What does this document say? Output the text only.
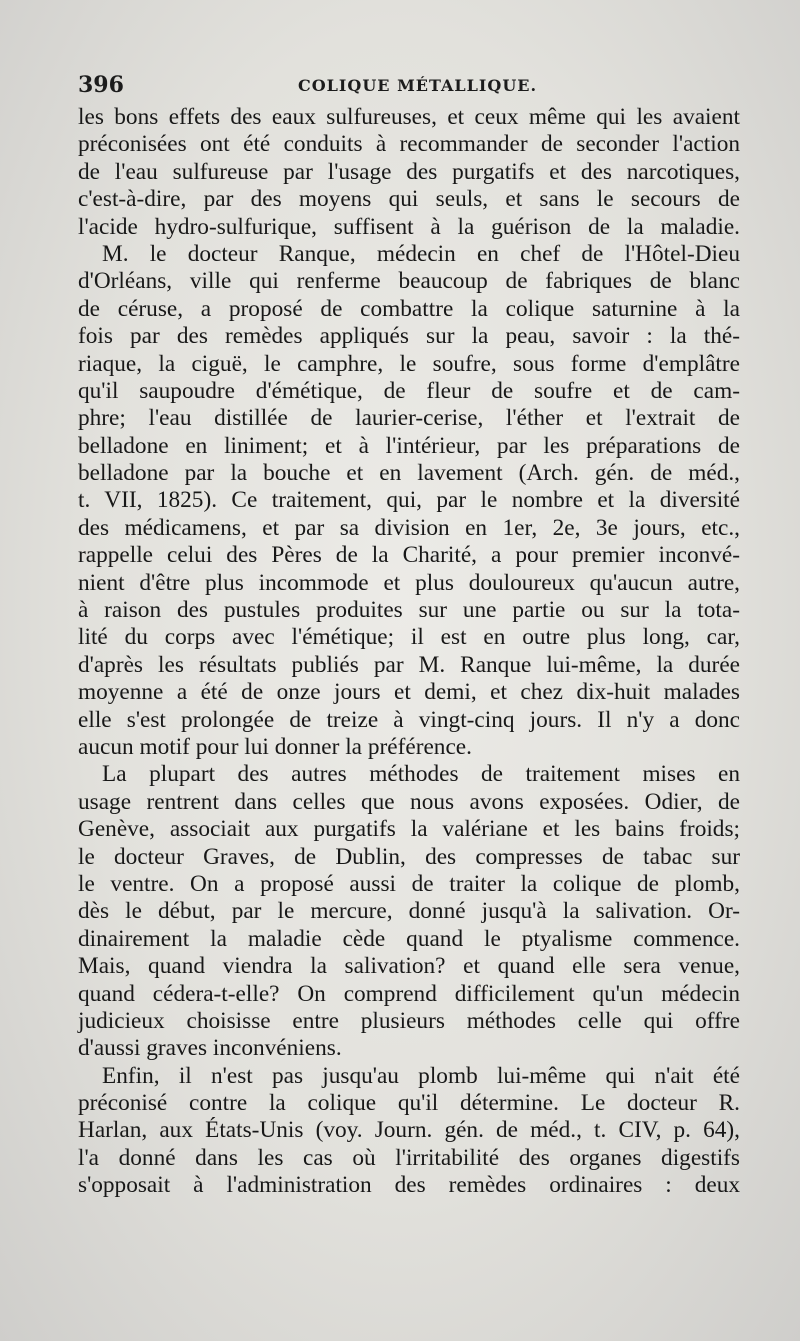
396	COLIQUE MÉTALLIQUE.
les bons effets des eaux sulfureuses, et ceux même qui les avaient
préconisées ont été conduits à recommander de seconder l'action
de l'eau sulfureuse par l'usage des purgatifs et des narcotiques,
c'est-à-dire, par des moyens qui seuls, et sans le secours de
l'acide hydro-sulfurique, suffisent à la guérison de la maladie.
M. le docteur Ranque, médecin en chef de l'Hôtel-Dieu
d'Orléans, ville qui renferme beaucoup de fabriques de blanc
de céruse, a proposé de combattre la colique saturnine à la
fois par des remèdes appliqués sur la peau, savoir : la thé-
riaque, la ciguë, le camphre, le soufre, sous forme d'emplâtre
qu'il saupoudre d'émétique, de fleur de soufre et de cam-
phre; l'eau distillée de laurier-cerise, l'éther et l'extrait de
belladone en liniment; et à l'intérieur, par les préparations de
belladone par la bouche et en lavement (Arch. gén. de méd.,
t. VII, 1825). Ce traitement, qui, par le nombre et la diversité
des médicamens, et par sa division en 1er, 2e, 3e jours, etc.,
rappelle celui des Pères de la Charité, a pour premier inconvé-
nient d'être plus incommode et plus douloureux qu'aucun autre,
à raison des pustules produites sur une partie ou sur la tota-
lité du corps avec l'émétique; il est en outre plus long, car,
d'après les résultats publiés par M. Ranque lui-même, la durée
moyenne a été de onze jours et demi, et chez dix-huit malades
elle s'est prolongée de treize à vingt-cinq jours. Il n'y a donc
aucun motif pour lui donner la préférence.
La plupart des autres méthodes de traitement mises en
usage rentrent dans celles que nous avons exposées. Odier, de
Genève, associait aux purgatifs la valériane et les bains froids;
le docteur Graves, de Dublin, des compresses de tabac sur
le ventre. On a proposé aussi de traiter la colique de plomb,
dès le début, par le mercure, donné jusqu'à la salivation. Or-
dinairement la maladie cède quand le ptyalisme commence.
Mais, quand viendra la salivation? et quand elle sera venue,
quand cédera-t-elle? On comprend difficilement qu'un médecin
judicieux choisisse entre plusieurs méthodes celle qui offre
d'aussi graves inconvéniens.
Enfin, il n'est pas jusqu'au plomb lui-même qui n'ait été
préconisé contre la colique qu'il détermine. Le docteur R.
Harlan, aux États-Unis (voy. Journ. gén. de méd., t. CIV, p. 64),
l'a donné dans les cas où l'irritabilité des organes digestifs
s'opposait à l'administration des remèdes ordinaires : deux
